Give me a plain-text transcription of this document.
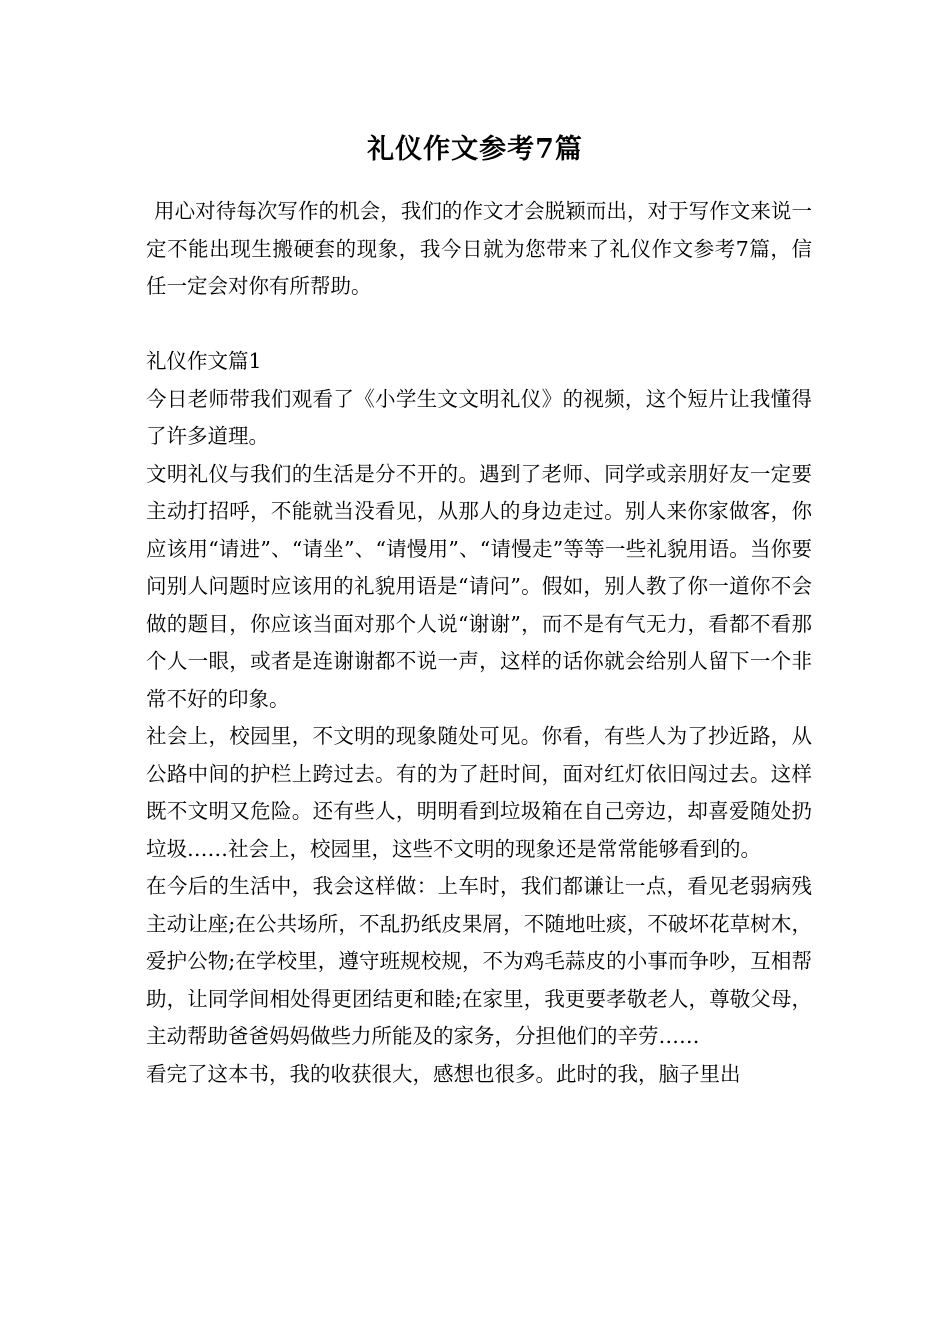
礼仪作文参考7篇

用心对待每次写作的机会，我们的作文才会脱颖而出，对于写作文来说一定不能出现生搬硬套的现象，我今日就为您带来了礼仪作文参考7篇，信任一定会对你有所帮助。

礼仪作文篇1

今日老师带我们观看了《小学生文文明礼仪》的视频，这个短片让我懂得了许多道理。

文明礼仪与我们的生活是分不开的。遇到了老师、同学或亲朋好友一定要主动打招呼，不能就当没看见，从那人的身边走过。别人来你家做客，你应该用“请进”、“请坐”、“请慢用”、“请慢走”等等一些礼貌用语。当你要问别人问题时应该用的礼貌用语是“请问”。假如，别人教了你一道你不会做的题目，你应该当面对那个人说“谢谢”，而不是有气无力，看都不看那个人一眼，或者是连谢谢都不说一声，这样的话你就会给别人留下一个非常不好的印象。

社会上，校园里，不文明的现象随处可见。你看，有些人为了抄近路，从公路中间的护栏上跨过去。有的为了赶时间，面对红灯依旧闯过去。这样既不文明又危险。还有些人，明明看到垃圾箱在自己旁边，却喜爱随处扔垃圾……社会上，校园里，这些不文明的现象还是常常能够看到的。

在今后的生活中，我会这样做：上车时，我们都谦让一点，看见老弱病残主动让座;在公共场所，不乱扔纸皮果屑，不随地吐痰，不破坏花草树木，爱护公物;在学校里，遵守班规校规，不为鸡毛蒜皮的小事而争吵，互相帮助，让同学间相处得更团结更和睦;在家里，我更要孝敬老人，尊敬父母，主动帮助爸爸妈妈做些力所能及的家务，分担他们的辛劳……

看完了这本书，我的收获很大，感想也很多。此时的我，脑子里出
